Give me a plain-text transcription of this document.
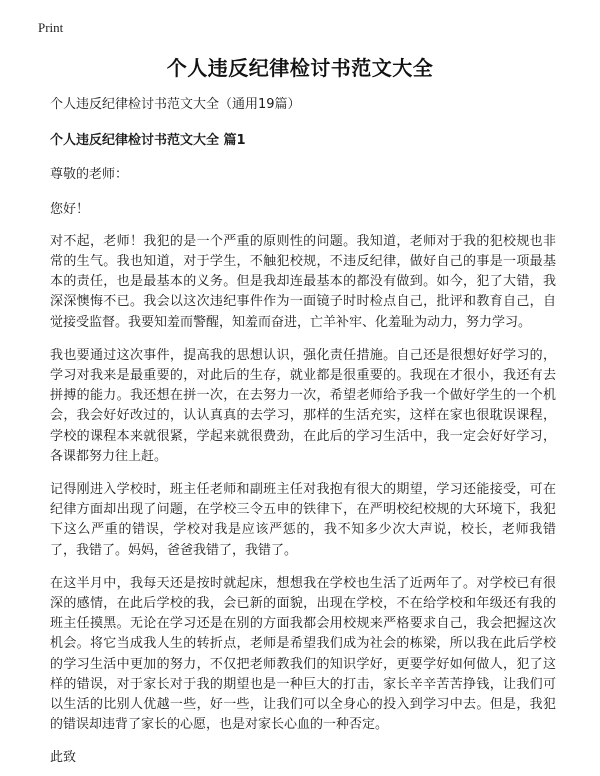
Print
个人违反纪律检讨书范文大全

个人违反纪律检讨书范文大全（通用19篇）

个人违反纪律检讨书范文大全 篇1

尊敬的老师：

您好！

对不起，老师！我犯的是一个严重的原则性的问题。我知道，老师对于我的犯校规也非常的生气。我也知道，对于学生，不触犯校规，不违反纪律，做好自己的事是一项最基本的责任，也是最基本的义务。但是我却连最基本的都没有做到。如今，犯了大错，我深深懊悔不已。我会以这次违纪事件作为一面镜子时时检点自己，批评和教育自己，自觉接受监督。我要知羞而警醒，知羞而奋进，亡羊补牢、化羞耻为动力，努力学习。

我也要通过这次事件，提高我的思想认识，强化责任措施。自己还是很想好好学习的，学习对我来是最重要的，对此后的生存，就业都是很重要的。我现在才很小，我还有去拼搏的能力。我还想在拼一次，在去努力一次，希望老师给予我一个做好学生的一个机会，我会好好改过的，认认真真的去学习，那样的生活充实，这样在家也很耽误课程，学校的课程本来就很紧，学起来就很费劲，在此后的学习生活中，我一定会好好学习，各课都努力往上赶。

记得刚进入学校时，班主任老师和副班主任对我抱有很大的期望，学习还能接受，可在纪律方面却出现了问题，在学校三令五申的铁律下，在严明校纪校规的大环境下，我犯下这么严重的错误，学校对我是应该严惩的，我不知多少次大声说，校长，老师我错了，我错了。妈妈，爸爸我错了，我错了。

在这半月中，我每天还是按时就起床，想想我在学校也生活了近两年了。对学校已有很深的感情，在此后学校的我，会已新的面貌，出现在学校，不在给学校和年级还有我的班主任摸黑。无论在学习还是在别的方面我都会用校规来严格要求自己，我会把握这次机会。将它当成我人生的转折点，老师是希望我们成为社会的栋梁，所以我在此后学校的学习生活中更加的努力，不仅把老师教我们的知识学好，更要学好如何做人，犯了这样的错误，对于家长对于我的期望也是一种巨大的打击，家长辛辛苦苦挣钱，让我们可以生活的比别人优越一些，好一些，让我们可以全身心的投入到学习中去。但是，我犯的错误却违背了家长的心愿，也是对家长心血的一种否定。

此致
